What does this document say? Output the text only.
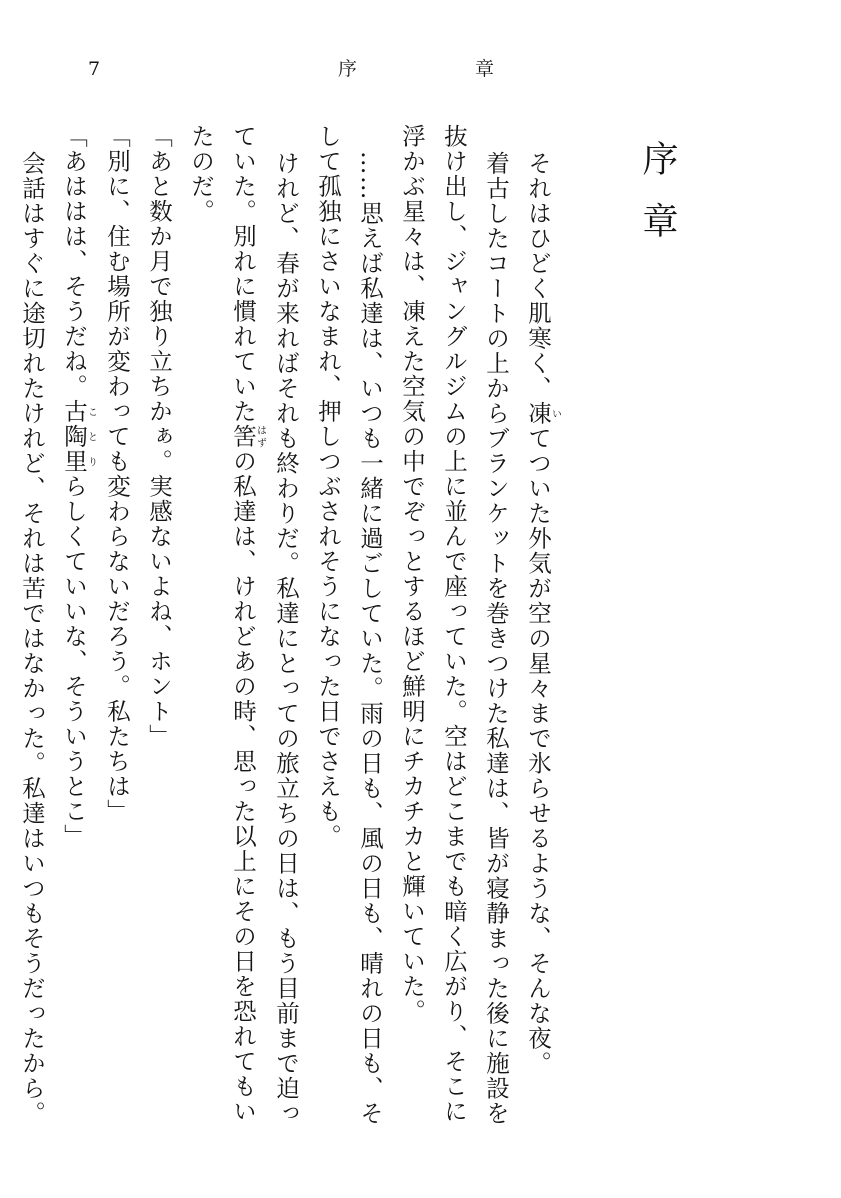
7	序章
序章
それはひどく肌寒く、凍いてついた外気が空の星々まで氷らせるような、そんな夜。
着古したコートの上からブランケットを巻きつけた私達は、皆が寝静まった後に施設を
抜け出し、ジャングルジムの上に並んで座っていた。空はどこまでも暗く広がり、そこに
浮かぶ星々は、凍えた空気の中でぞっとするほど鮮明にチカチカと輝いていた。
……思えば私達は、いつも一緒に過ごしていた。雨の日も、風の日も、晴れの日も、そ
して孤独にさいなまれ、押しつぶされそうになった日でさえも。
けれど、春が来ればそれも終わりだ。私達にとっての旅立ちの日は、もう目前まで迫っ
ていた。別れに慣れていた筈はずの私達は、けれどあの時、思った以上にその日を恐れてもい
たのだ。
「あと数か月で独り立ちかぁ。実感ないよね、ホント」
「別に、住む場所が変わっても変わらないだろう。私たちは」
「あははは、そうだね。古陶里ことりらしくていいな、そういうとこ」
会話はすぐに途切れたけれど、それは苦ではなかった。私達はいつもそうだったから。
